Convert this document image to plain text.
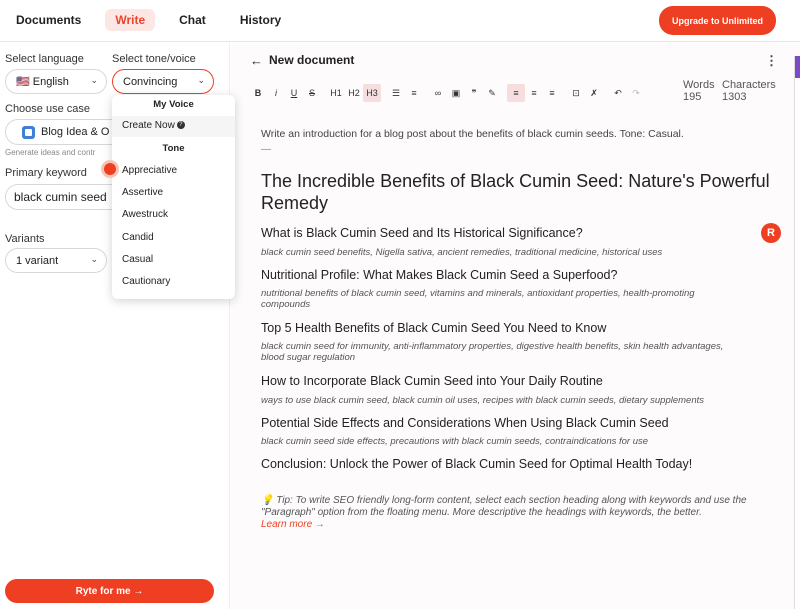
Documents	Write	Chat	History	Upgrade to Unlimited
Select language	Select tone/voice
🇺🇸 English ⌄ Convincing ⌄
Choose use case
Blog Idea & O
Generate ideas and contr
Primary keyword
black cumin seed
Variants
1 variant	⌄
Ryte for me →
My Voice
Create Now ?
Tone
Appreciative
Assertive
Awestruck
Candid
Casual
Cautionary
← New document	⋮
B	i	U	S	H1 H2 H3	☰	≡	∞	▣	❞	✎	≡	≡	≡	⊡	✗	↶	↷
Words
195
Characters
1303
Write an introduction for a blog post about the benefits of black cumin seeds. Tone: Casual.
—
The Incredible Benefits of Black Cumin Seed: Nature's Powerful Remedy
What is Black Cumin Seed and Its Historical Significance?
black cumin seed benefits, Nigella sativa, ancient remedies, traditional medicine, historical uses
Nutritional Profile: What Makes Black Cumin Seed a Superfood?
nutritional benefits of black cumin seed, vitamins and minerals, antioxidant properties, health-promoting compounds
Top 5 Health Benefits of Black Cumin Seed You Need to Know
black cumin seed for immunity, anti-inflammatory properties, digestive health benefits, skin health advantages, blood sugar regulation
How to Incorporate Black Cumin Seed into Your Daily Routine
ways to use black cumin seed, black cumin oil uses, recipes with black cumin seeds, dietary supplements
Potential Side Effects and Considerations When Using Black Cumin Seed
black cumin seed side effects, precautions with black cumin seeds, contraindications for use
Conclusion: Unlock the Power of Black Cumin Seed for Optimal Health Today!
💡 Tip: To write SEO friendly long-form content, select each section heading along with keywords and use the "Paragraph" option from the floating menu. More descriptive the headings with keywords, the better.
Learn more →
R
